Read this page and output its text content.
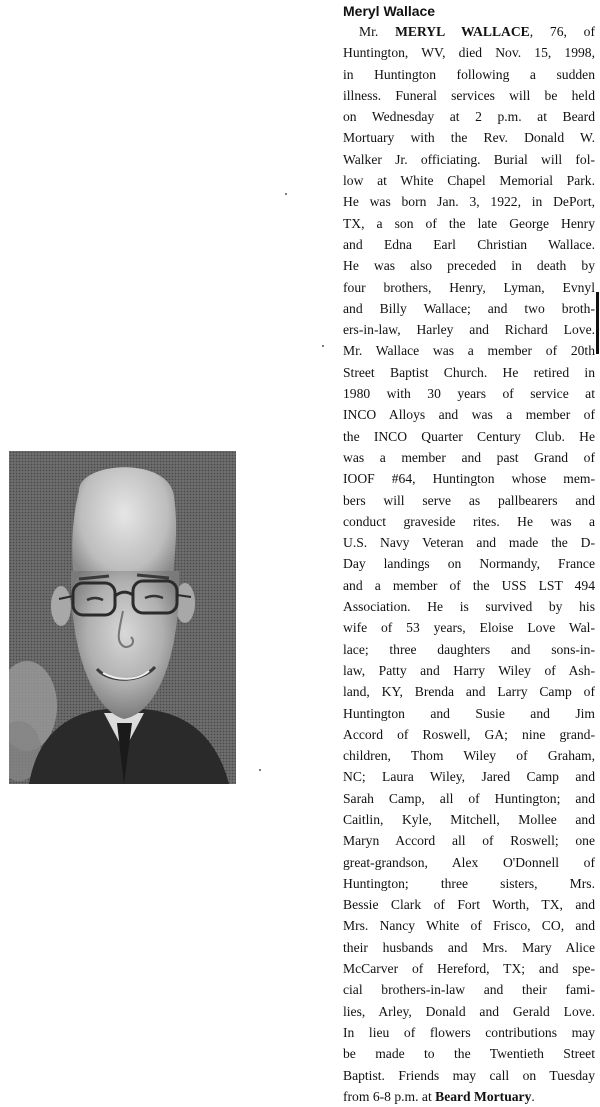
Meryl Wallace
Mr. MERYL WALLACE, 76, of
Huntington, WV, died Nov. 15, 1998,
in Huntington following a sudden
illness. Funeral services will be held
on Wednesday at 2 p.m. at Beard
Mortuary with the Rev. Donald W.
Walker Jr. officiating. Burial will fol-
low at White Chapel Memorial Park.
He was born Jan. 3, 1922, in DePort,
TX, a son of the late George Henry
and Edna Earl Christian Wallace.
He was also preceded in death by
four brothers, Henry, Lyman, Evnyl
and Billy Wallace; and two broth-
ers-in-law, Harley and Richard Love.
Mr. Wallace was a member of 20th
Street Baptist Church. He retired in
1980 with 30 years of service at
INCO Alloys and was a member of
the INCO Quarter Century Club. He
was a member and past Grand of
IOOF #64, Huntington whose mem-
bers will serve as pallbearers and
conduct graveside rites. He was a
U.S. Navy Veteran and made the D-
Day landings on Normandy, France
and a member of the USS LST 494
Association. He is survived by his
wife of 53 years, Eloise Love Wal-
lace; three daughters and sons-in-
law, Patty and Harry Wiley of Ash-
land, KY, Brenda and Larry Camp of
Huntington and Susie and Jim
Accord of Roswell, GA; nine grand-
children, Thom Wiley of Graham,
NC; Laura Wiley, Jared Camp and
Sarah Camp, all of Huntington; and
Caitlin, Kyle, Mitchell, Mollee and
Maryn Accord all of Roswell; one
great-grandson, Alex O'Donnell of
Huntington; three sisters, Mrs.
Bessie Clark of Fort Worth, TX, and
Mrs. Nancy White of Frisco, CO, and
their husbands and Mrs. Mary Alice
McCarver of Hereford, TX; and spe-
cial brothers-in-law and their fami-
lies, Arley, Donald and Gerald Love.
In lieu of flowers contributions may
be made to the Twentieth Street
Baptist. Friends may call on Tuesday
from 6-8 p.m. at Beard Mortuary.
